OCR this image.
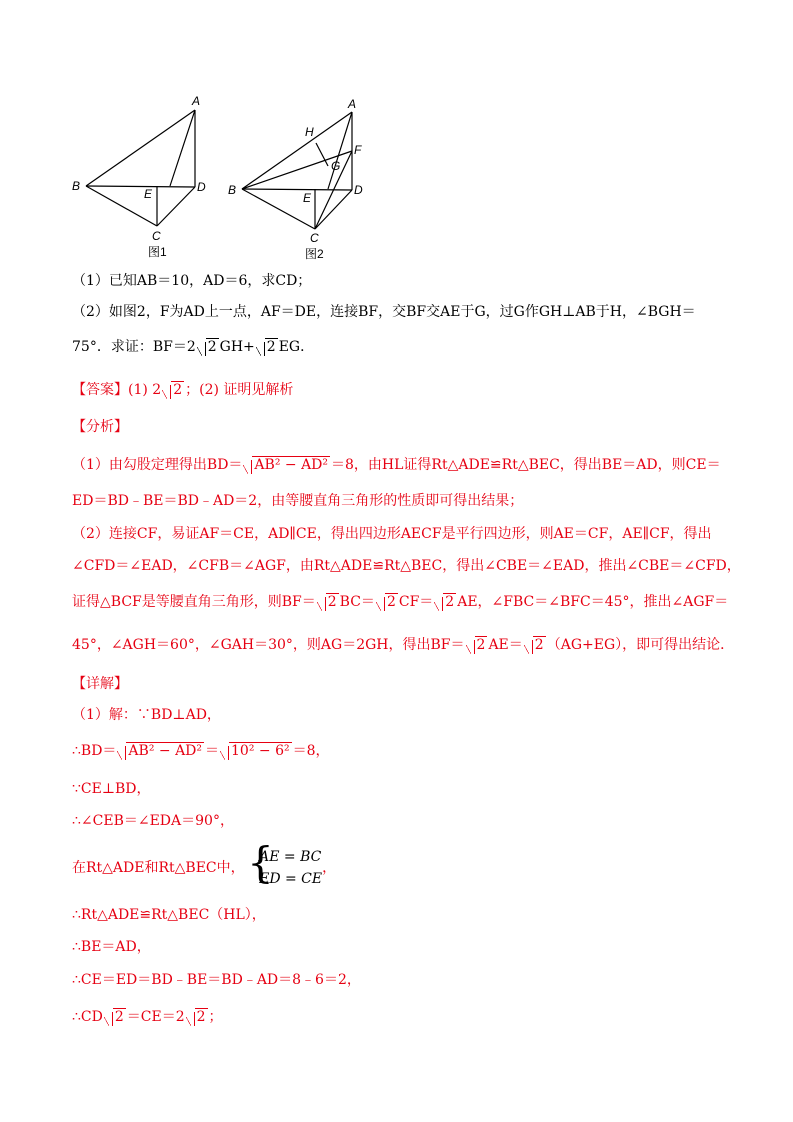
A
B	D
E
C
图1
A
B	D
E
C
F
G
H
图2
（1）已知AB＝10，AD＝6，求CD；
（2）如图2，F为AD上一点，AF＝DE，连接BF，交BF交AE于G，过G作GH⊥AB于H，∠BGH＝
75°．求证：BF＝2 2 GH+ 2 EG．
【答案】(1) 2 2 ；(2) 证明见解析
【分析】
（1）由勾股定理得出BD＝ AB² − AD² ＝8，由HL证得Rt△ADE≌Rt△BEC，得出BE＝AD，则CE＝
ED＝BD﹣BE＝BD﹣AD＝2，由等腰直角三角形的性质即可得出结果；
（2）连接CF，易证AF＝CE，AD∥CE，得出四边形AECF是平行四边形，则AE＝CF，AE∥CF，得出
∠CFD＝∠EAD，∠CFB＝∠AGF，由Rt△ADE≌Rt△BEC，得出∠CBE＝∠EAD，推出∠CBE＝∠CFD，
证得△BCF是等腰直角三角形，则BF＝ 2 BC＝ 2 CF＝ 2 AE，∠FBC＝∠BFC＝45°，推出∠AGF＝
45°，∠AGH＝60°，∠GAH＝30°，则AG＝2GH，得出BF＝ 2 AE＝ 2 （AG+EG），即可得出结论．
【详解】
（1）解：∵BD⊥AD，
∴BD＝ AB² − AD² ＝ 10² − 6² ＝8，
∵CE⊥BD，
∴∠CEB＝∠EDA＝90°，
在Rt△ADE和Rt△BEC中，
{ AE = BC
ED = CE
，
∴Rt△ADE≌Rt△BEC（HL），
∴BE＝AD，
∴CE＝ED＝BD﹣BE＝BD﹣AD＝8﹣6＝2，
∴CD 2 ＝CE＝2 2 ；
